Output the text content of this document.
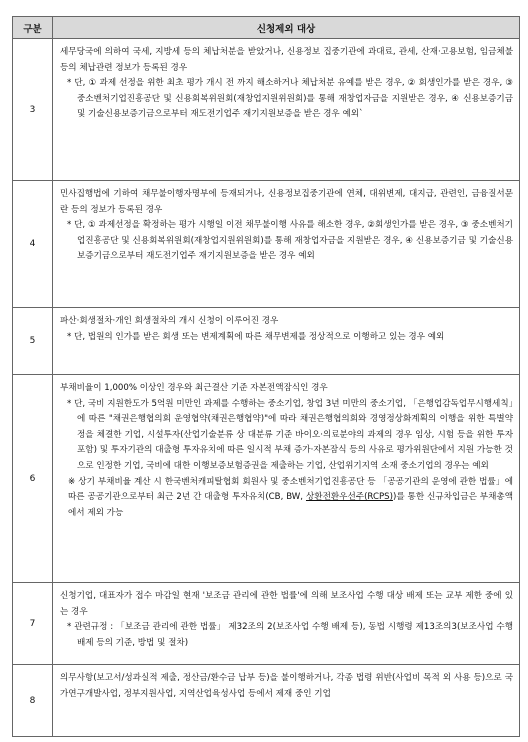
구분	신청제외 대상
3	세무당국에 의하여 국세, 지방세 등의 체납처분을 받았거나, 신용정보 집중기관에 과대료, 관세, 산재·고용보험, 임금체불 등의 체납관련 정보가 등록된 경우

* 단, ① 과제 선정을 위한 최초 평가 개시 전 까지 해소하거나 체납처분 유예를 받은 경우, ② 회생인가를 받은 경우, ③ 중소벤처기업진흥공단 및 신용회복위원회(재창업지원위원회)를 통해 재창업자금을 지원받은 경우, ④ 신용보증기금 및 기술신용보증기금으로부터 재도전기업주 재기지원보증을 받은 경우 예외`

4	민사집행법에 기하여 채무불이행자명부에 등재되거나, 신용정보집중기관에 연체, 대위변제, 대지급, 관련인, 금융질서문란 등의 정보가 등록된 경우

* 단, ① 과제선정을 확정하는 평가 시행일 이전 채무불이행 사유를 해소한 경우, ②회생인가를 받은 경우, ③ 중소벤처기업진흥공단 및 신용회복위원회(재창업지원위원회)를 통해 재창업자금을 지원받은 경우, ④ 신용보증기금 및 기술신용보증기금으로부터 재도전기업주 재기지원보증을 받은 경우 예외

5	파산·회생절차·개인 회생절차의 개시 신청이 이루어진 경우

* 단, 법원의 인가를 받은 회생 또는 변제계획에 따른 채무변제를 정상적으로 이행하고 있는 경우 예외

6	부채비율이 1,000% 이상인 경우와 최근결산 기준 자본전액잠식인 경우

* 단, 국비 지원한도가 5억원 미만인 과제를 수행하는 중소기업, 창업 3년 미만의 중소기업, 「은행업감독업무시행세칙」에 따른 "채권은행협의회 운영협약(채권은행협약)"에 따라 채권은행협의회와 경영정상화계획의 이행을 위한 특별약정을 체결한 기업, 시설투자(산업기술분류 상 대분류 기준 바이오·의료분야의 과제의 경우 임상, 시험 등을 위한 투자 포함) 및 투자기관의 대출형 투자유치에 따른 일시적 부채 증가·자본잠식 등의 사유로 평가위원단에서 지원 가능한 것으로 인정한 기업, 국비에 대한 이행보증보험증권을 제출하는 기업, 산업위기지역 소재 중소기업의 경우는 예외

※ 상기 부채비율 계산 시 한국벤처캐피탈협회 회원사 및 중소벤처기업진흥공단 등 「공공기관의 운영에 관한 법률」에 따른 공공기관으로부터 최근 2년 간 대출형 투자유치(CB, BW, 상환전환우선주(RCPS))를 통한 신규차입금은 부채총액에서 제외 가능

7	신청기업, 대표자가 접수 마감일 현재 '보조금 관리에 관한 법률'에 의해 보조사업 수행 대상 배제 또는 교부 제한 중에 있는 경우

* 관련규정 : 「보조금 관리에 관한 법률」 제32조의 2(보조사업 수행 배제 등), 동법 시행령 제13조의3(보조사업 수행 배제 등의 기준, 방법 및 절차)

8	의무사항(보고서/성과실적 제출, 정산금/환수금 납부 등)을 불이행하거나, 각종 법령 위반(사업비 목적 외 사용 등)으로 국가연구개발사업, 정부지원사업, 지역산업육성사업 등에서 제재 중인 기업
